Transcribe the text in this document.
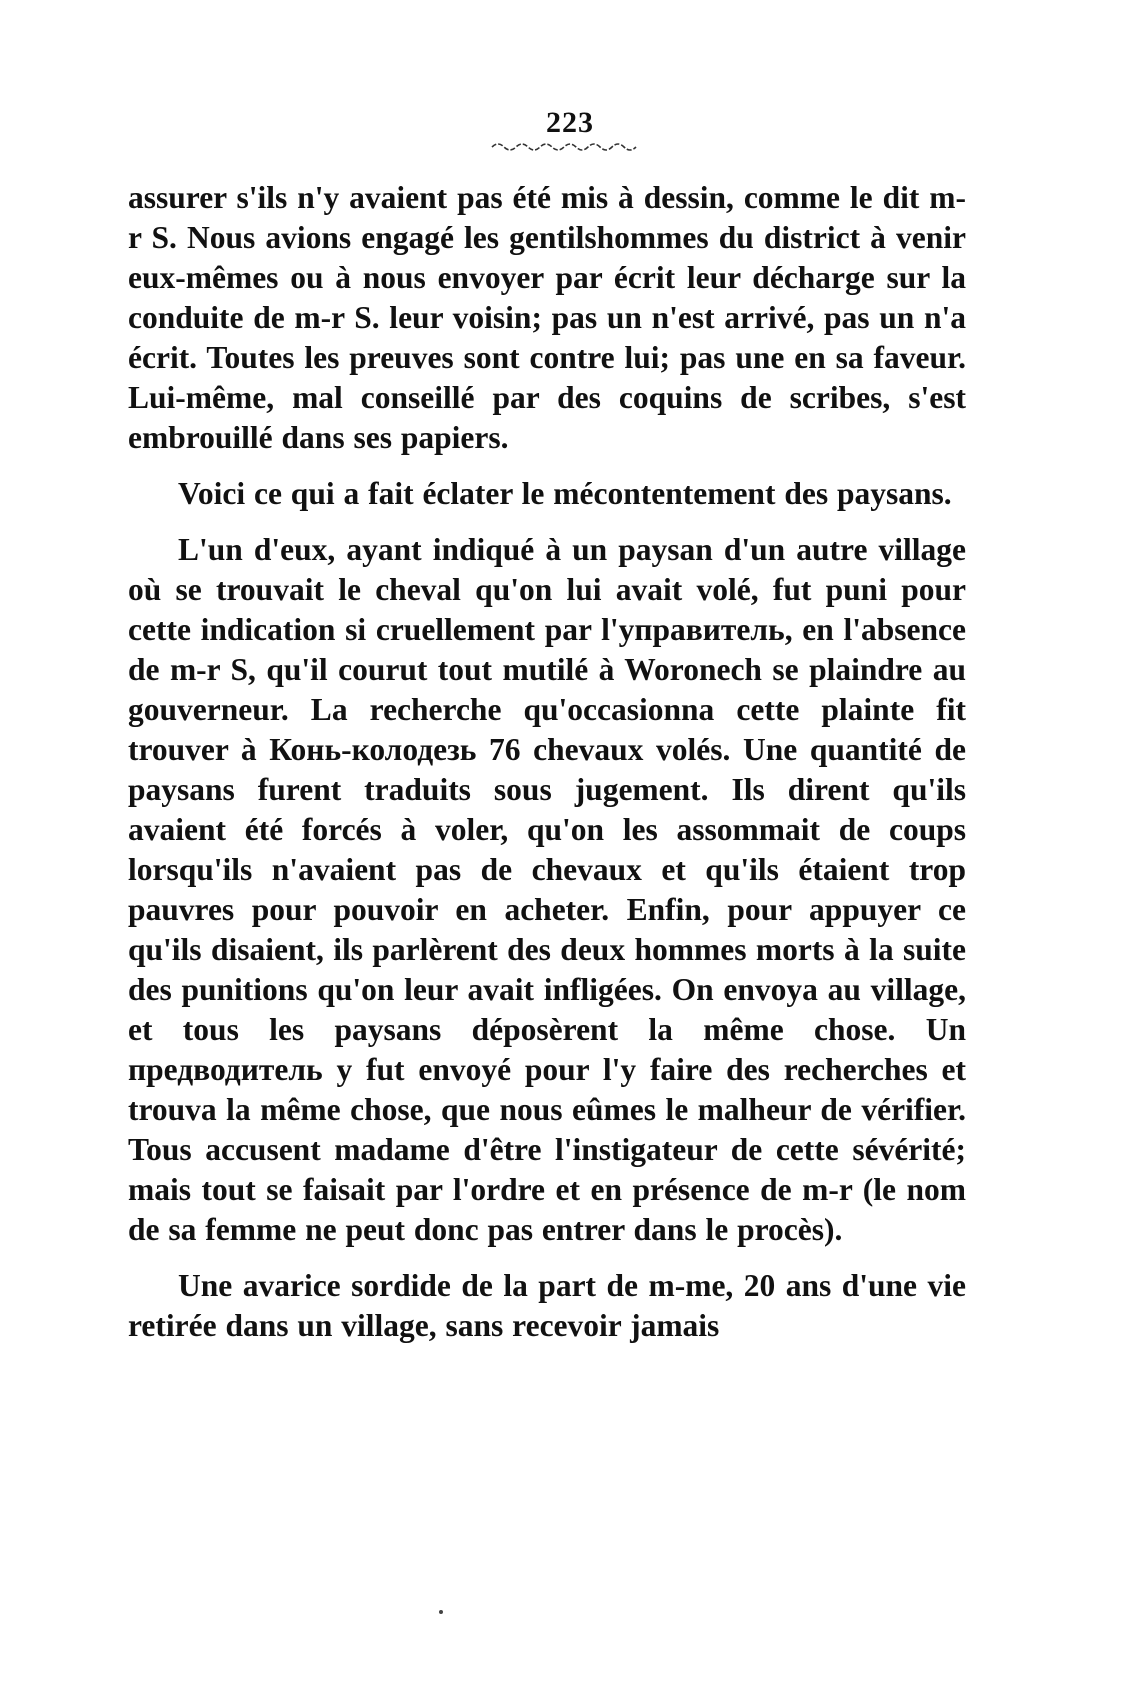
223

assurer s'ils n'y avaient pas été mis à dessin, comme le dit m-r S. Nous avions engagé les gentilshommes du district à venir eux-mêmes ou à nous envoyer par écrit leur décharge sur la conduite de m-r S. leur voisin; pas un n'est arrivé, pas un n'a écrit. Toutes les preuves sont contre lui; pas une en sa faveur. Lui-même, mal conseillé par des coquins de scribes, s'est embrouillé dans ses papiers.

Voici ce qui a fait éclater le mécontentement des paysans.

L'un d'eux, ayant indiqué à un paysan d'un autre village où se trouvait le cheval qu'on lui avait volé, fut puni pour cette indication si cruellement par l'управитель, en l'absence de m-r S, qu'il courut tout mutilé à Woronech se plaindre au gouverneur. La recherche qu'occasionna cette plainte fit trouver à Конь-колодезь 76 chevaux volés. Une quantité de paysans furent traduits sous jugement. Ils dirent qu'ils avaient été forcés à voler, qu'on les assommait de coups lorsqu'ils n'avaient pas de chevaux et qu'ils étaient trop pauvres pour pouvoir en acheter. Enfin, pour appuyer ce qu'ils disaient, ils parlèrent des deux hommes morts à la suite des punitions qu'on leur avait infligées. On envoya au village, et tous les paysans déposèrent la même chose. Un предводитель y fut envoyé pour l'y faire des recherches et trouva la même chose, que nous eûmes le malheur de vérifier. Tous accusent madame d'être l'instigateur de cette sévérité; mais tout se faisait par l'ordre et en présence de m-r (le nom de sa femme ne peut donc pas entrer dans le procès).

Une avarice sordide de la part de m-me, 20 ans d'une vie retirée dans un village, sans recevoir jamais
